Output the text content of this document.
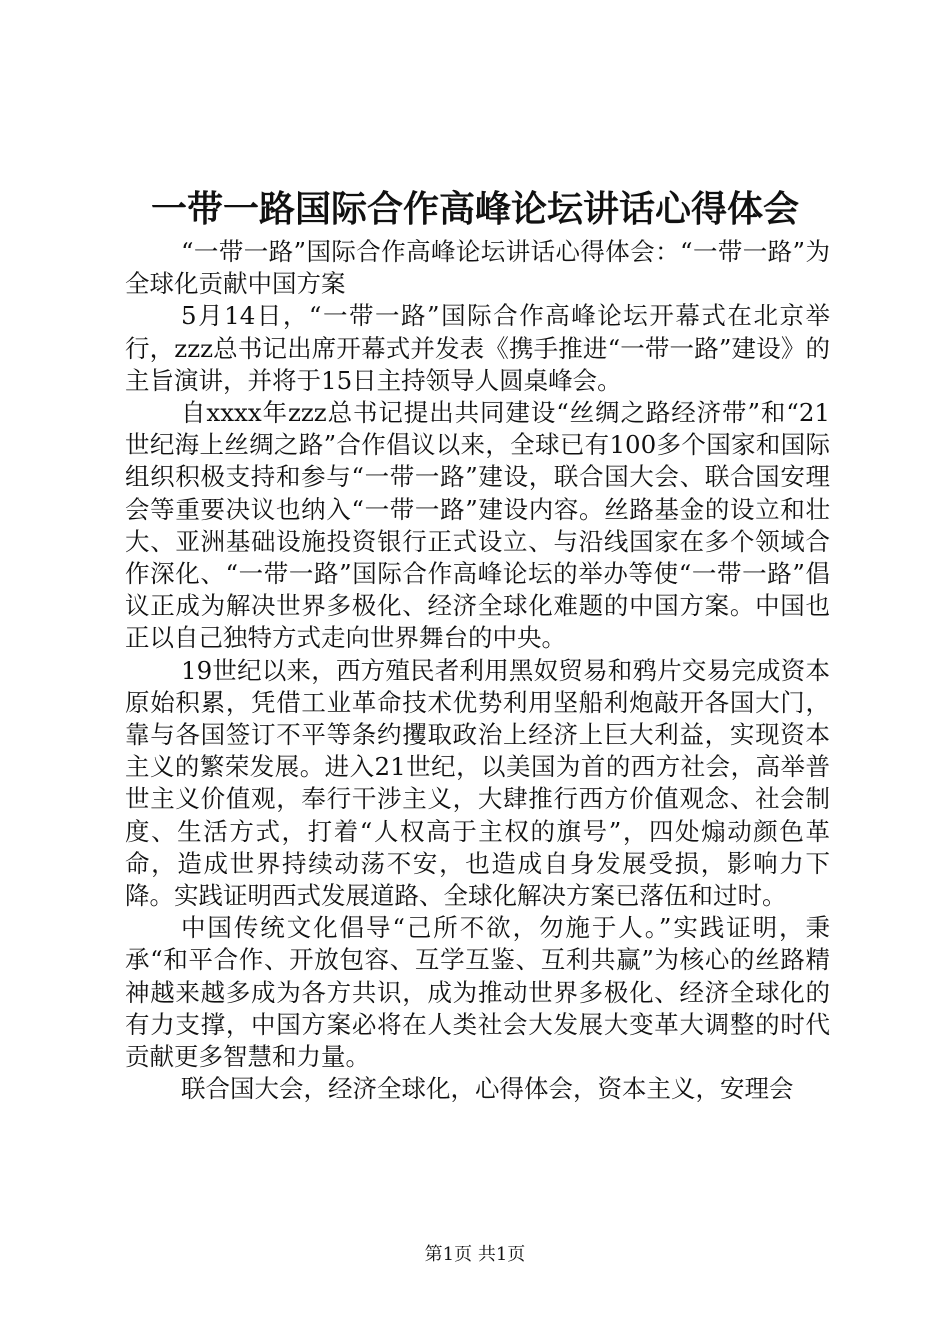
一带一路国际合作高峰论坛讲话心得体会

“一带一路”国际合作高峰论坛讲话心得体会：“一带一路”为全球化贡献中国方案

5月14日，“一带一路”国际合作高峰论坛开幕式在北京举行，zzz总书记出席开幕式并发表《携手推进“一带一路”建设》的主旨演讲，并将于15日主持领导人圆桌峰会。

自xxxx年zzz总书记提出共同建设“丝绸之路经济带”和“21世纪海上丝绸之路”合作倡议以来，全球已有100多个国家和国际组织积极支持和参与“一带一路”建设，联合国大会、联合国安理会等重要决议也纳入“一带一路”建设内容。丝路基金的设立和壮大、亚洲基础设施投资银行正式设立、与沿线国家在多个领域合作深化、“一带一路”国际合作高峰论坛的举办等使“一带一路”倡议正成为解决世界多极化、经济全球化难题的中国方案。中国也正以自己独特方式走向世界舞台的中央。

19世纪以来，西方殖民者利用黑奴贸易和鸦片交易完成资本原始积累，凭借工业革命技术优势利用坚船利炮敲开各国大门，靠与各国签订不平等条约攫取政治上经济上巨大利益，实现资本主义的繁荣发展。进入21世纪，以美国为首的西方社会，高举普世主义价值观，奉行干涉主义，大肆推行西方价值观念、社会制度、生活方式，打着“人权高于主权的旗号”，四处煽动颜色革命，造成世界持续动荡不安，也造成自身发展受损，影响力下降。实践证明西式发展道路、全球化解决方案已落伍和过时。

中国传统文化倡导“己所不欲，勿施于人。”实践证明，秉承“和平合作、开放包容、互学互鉴、互利共赢”为核心的丝路精神越来越多成为各方共识，成为推动世界多极化、经济全球化的有力支撑，中国方案必将在人类社会大发展大变革大调整的时代贡献更多智慧和力量。

联合国大会，经济全球化，心得体会，资本主义，安理会

第1页 共1页
